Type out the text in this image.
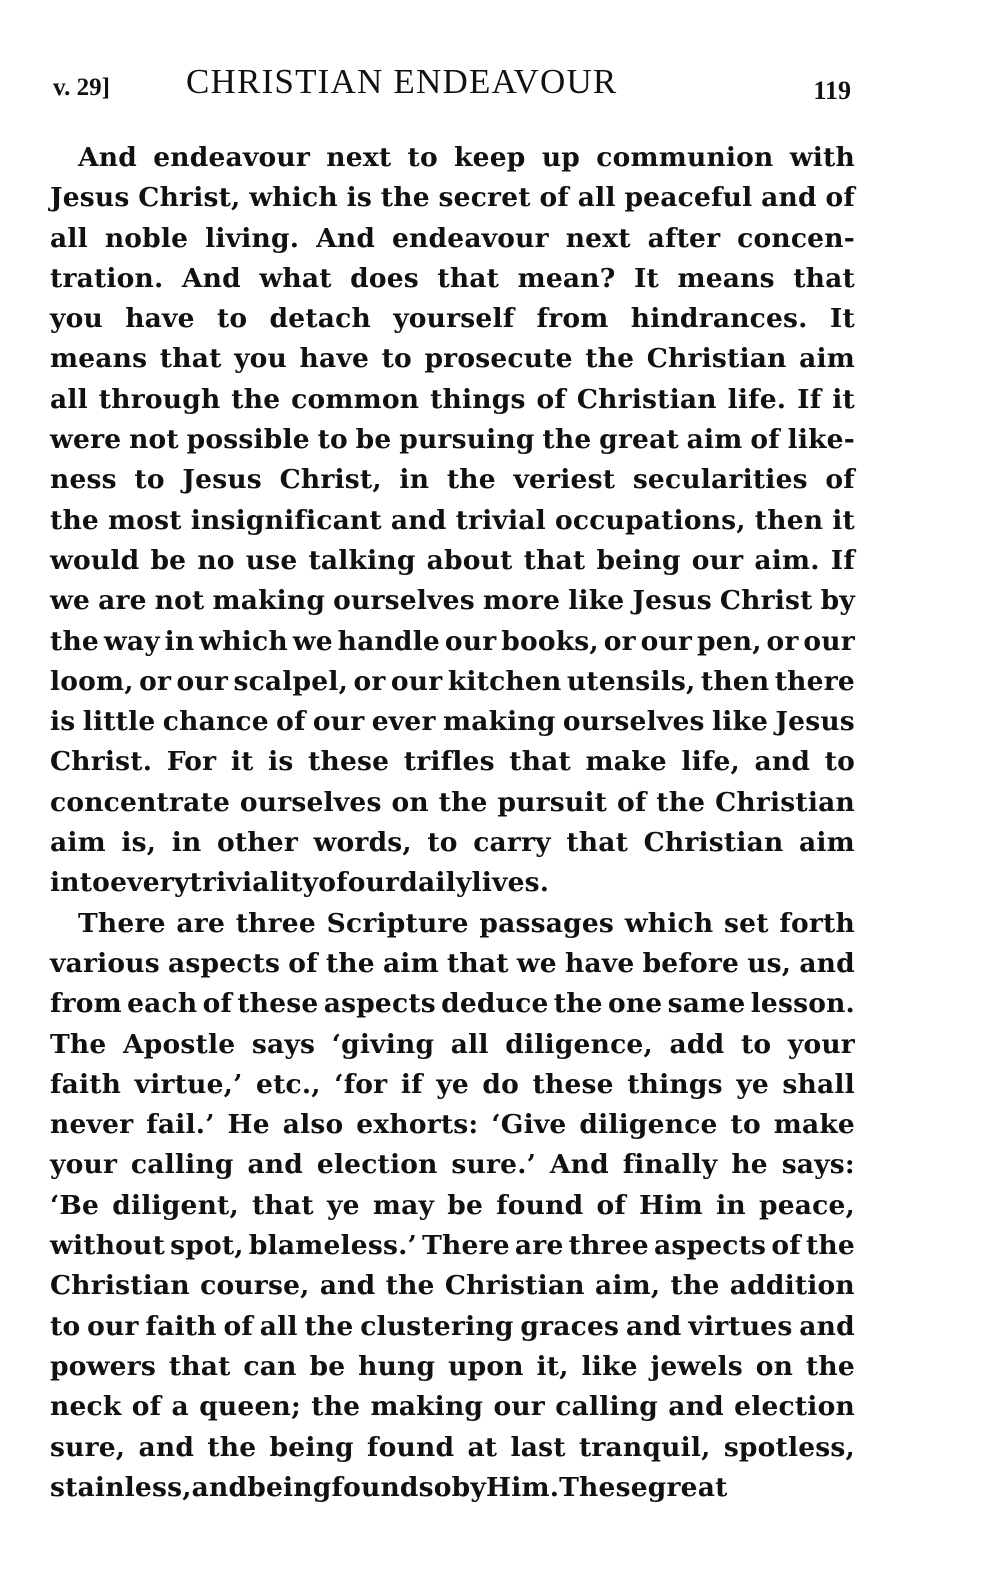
v. 29] CHRISTIAN ENDEAVOUR	119
And endeavour next to keep up communion with
Jesus Christ, which is the secret of all peaceful and of
all noble living. And endeavour next after concen-
tration. And what does that mean? It means that
you have to detach yourself from hindrances. It
means that you have to prosecute the Christian aim
all through the common things of Christian life. If it
were not possible to be pursuing the great aim of like-
ness to Jesus Christ, in the veriest secularities of
the most insignificant and trivial occupations, then it
would be no use talking about that being our aim. If
we are not making ourselves more like Jesus Christ by
the way in which we handle our books, or our pen, or our
loom, or our scalpel, or our kitchen utensils, then there
is little chance of our ever making ourselves like Jesus
Christ. For it is these trifles that make life, and to
concentrate ourselves on the pursuit of the Christian
aim is, in other words, to carry that Christian aim
into every triviality of our daily lives.
There are three Scripture passages which set forth
various aspects of the aim that we have before us, and
from each of these aspects deduce the one same lesson.
The Apostle says ‘giving all diligence, add to your
faith virtue,’ etc., ‘for if ye do these things ye shall
never fail.’ He also exhorts: ‘Give diligence to make
your calling and election sure.’ And finally he says:
‘Be diligent, that ye may be found of Him in peace,
without spot, blameless.’ There are three aspects of the
Christian course, and the Christian aim, the addition
to our faith of all the clustering graces and virtues and
powers that can be hung upon it, like jewels on the
neck of a queen; the making our calling and election
sure, and the being found at last tranquil, spotless,
stainless, and being found so by Him. These great
